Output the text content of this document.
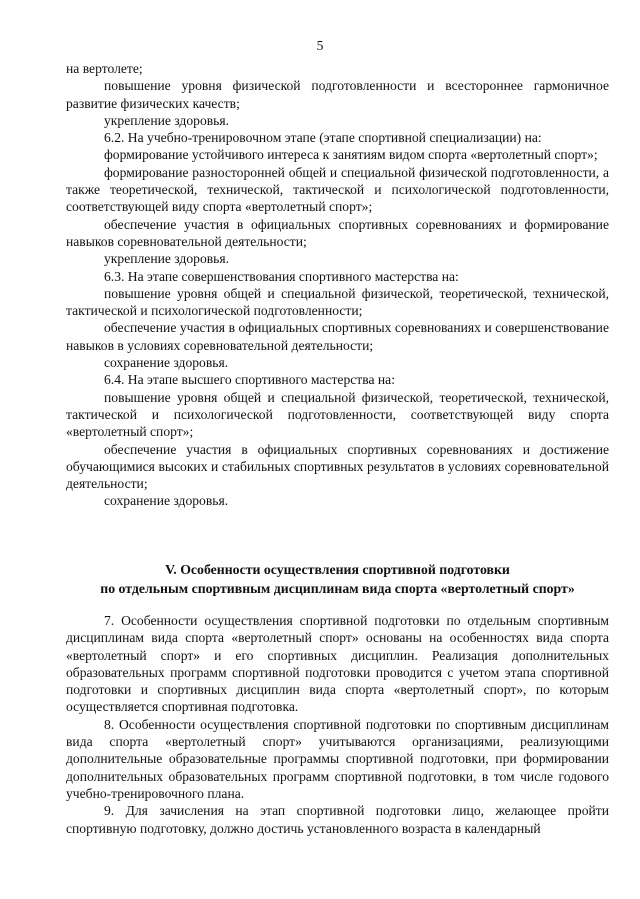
5

на вертолете;

повышение уровня физической подготовленности и всестороннее гармоничное развитие физических качеств;

укрепление здоровья.

6.2. На учебно-тренировочном этапе (этапе спортивной специализации) на:

формирование устойчивого интереса к занятиям видом спорта «вертолетный спорт»;

формирование разносторонней общей и специальной физической подготовленности, а также теоретической, технической, тактической и психологической подготовленности, соответствующей виду спорта «вертолетный спорт»;

обеспечение участия в официальных спортивных соревнованиях и формирование навыков соревновательной деятельности;

укрепление здоровья.

6.3. На этапе совершенствования спортивного мастерства на:

повышение уровня общей и специальной физической, теоретической, технической, тактической и психологической подготовленности;

обеспечение участия в официальных спортивных соревнованиях и совершенствование навыков в условиях соревновательной деятельности;

сохранение здоровья.

6.4. На этапе высшего спортивного мастерства на:

повышение уровня общей и специальной физической, теоретической, технической, тактической и психологической подготовленности, соответствующей виду спорта «вертолетный спорт»;

обеспечение участия в официальных спортивных соревнованиях и достижение обучающимися высоких и стабильных спортивных результатов в условиях соревновательной деятельности;

сохранение здоровья.

V. Особенности осуществления спортивной подготовки
по отдельным спортивным дисциплинам вида спорта «вертолетный спорт»

7. Особенности осуществления спортивной подготовки по отдельным спортивным дисциплинам вида спорта «вертолетный спорт» основаны на особенностях вида спорта «вертолетный спорт» и его спортивных дисциплин. Реализация дополнительных образовательных программ спортивной подготовки проводится с учетом этапа спортивной подготовки и спортивных дисциплин вида спорта «вертолетный спорт», по которым осуществляется спортивная подготовка.

8. Особенности осуществления спортивной подготовки по спортивным дисциплинам вида спорта «вертолетный спорт» учитываются организациями, реализующими дополнительные образовательные программы спортивной подготовки, при формировании дополнительных образовательных программ спортивной подготовки, в том числе годового учебно-тренировочного плана.

9. Для зачисления на этап спортивной подготовки лицо, желающее пройти спортивную подготовку, должно достичь установленного возраста в календарный
